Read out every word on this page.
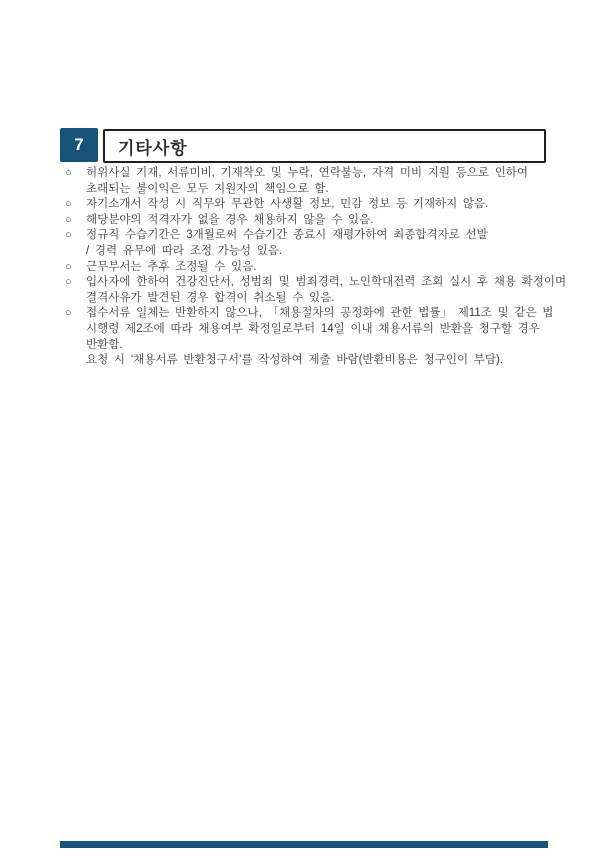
7 기타사항
○ 허위사실 기재, 서류미비, 기재착오 및 누락, 연락불능, 자격 미비 지원 등으로 인하여
초래되는 불이익은 모두 지원자의 책임으로 함.
○ 자기소개서 작성 시 직무와 무관한 사생활 정보, 민감 정보 등 기재하지 않음.
○ 해당분야의 적격자가 없을 경우 채용하지 않을 수 있음.
○ 정규직 수습기간은 3개월로써 수습기간 종료시 재평가하여 최종합격자로 선발
/ 경력 유무에 따라 조정 가능성 있음.
○ 근무부서는 추후 조정될 수 있음.
○ 입사자에 한하여 건강진단서, 성범죄 및 범죄경력, 노인학대전력 조회 실시 후 채용 확정이며
결격사유가 발견된 경우 합격이 취소될 수 있음.
○ 접수서류 일체는 반환하지 않으나, 「채용절차의 공정화에 관한 법률」 제11조 및 같은 법
시행령 제2조에 따라 채용여부 확정일로부터 14일 이내 채용서류의 반환을 청구할 경우
반환함.
요청 시 ‘채용서류 반환청구서’를 작성하여 제출 바람(반환비용은 청구인이 부담).
